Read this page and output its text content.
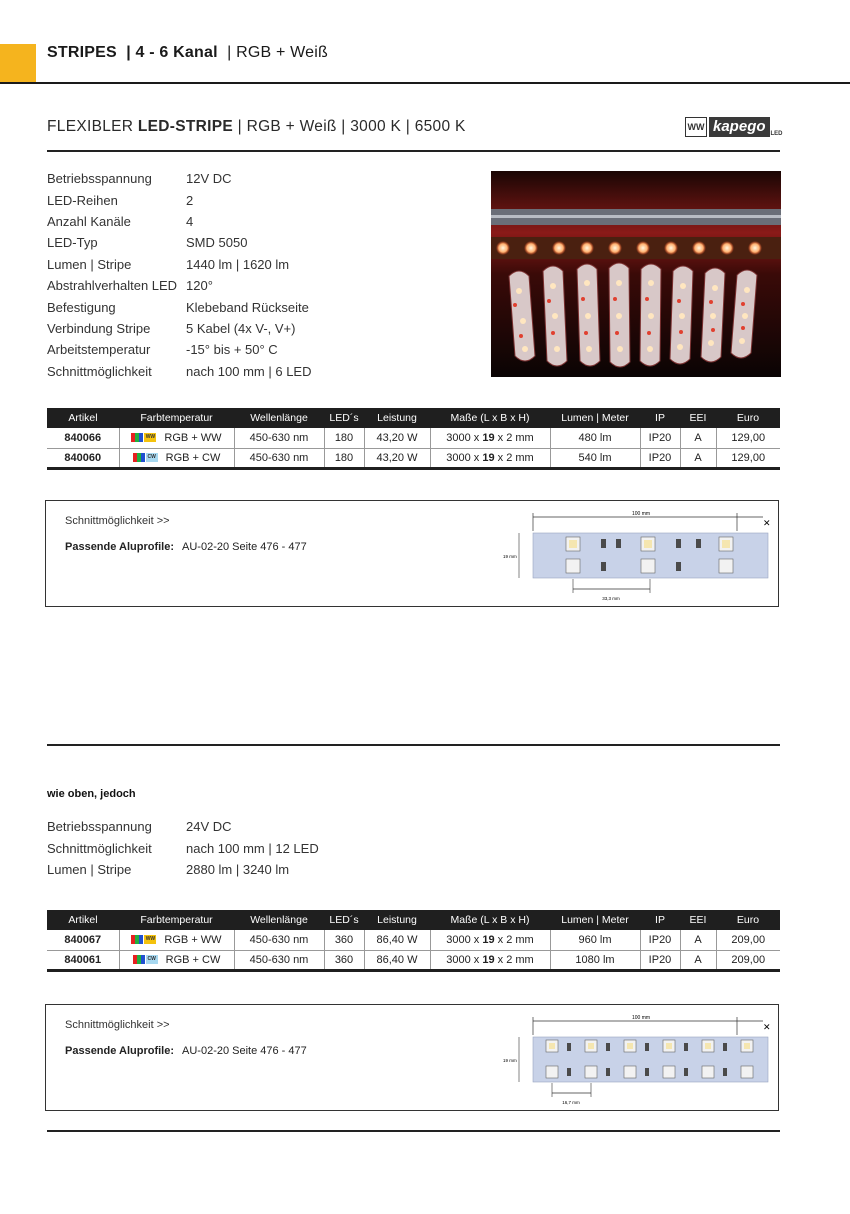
STRIPES | 4 - 6 Kanal | RGB + Weiß
FLEXIBLER LED-STRIPE | RGB + Weiß | 3000 K | 6500 K	WW kapego LED
Betriebsspannung	12V DC
LED-Reihen	2
Anzahl Kanäle	4
LED-Typ	SMD 5050
Lumen | Stripe	1440 lm | 1620 lm
Abstrahlverhalten LED 120°
Befestigung	Klebeband Rückseite
Verbindung Stripe	5 Kabel (4x V-, V+)
Arbeitstemperatur	-15° bis + 50° C
Schnittmöglichkeit	nach 100 mm | 6 LED
Artikel	Farbtemperatur	Wellenlänge	LED´s	Leistung	Maße (L x B x H)	Lumen | Meter	IP	EEI	Euro
840066	WW RGB + WW	450-630 nm	180	43,20 W	3000 x 19 x 2 mm	480 lm	IP20	A	129,00
840060	CW RGB + CW	450-630 nm	180	43,20 W	3000 x 19 x 2 mm	540 lm	IP20	A	129,00
Schnittmöglichkeit >>
Passende Aluprofile: AU-02-20 Seite 476 - 477
100 mm
✕
19 mm
33,3 mm
wie oben, jedoch
Betriebsspannung	24V DC
Schnittmöglichkeit	nach 100 mm | 12 LED
Lumen | Stripe	2880 lm | 3240 lm
Artikel	Farbtemperatur	Wellenlänge	LED´s	Leistung	Maße (L x B x H)	Lumen | Meter	IP	EEI	Euro
840067	WW RGB + WW	450-630 nm	360	86,40 W	3000 x 19 x 2 mm	960 lm	IP20	A	209,00
840061	CW RGB + CW	450-630 nm	360	86,40 W	3000 x 19 x 2 mm	1080 lm	IP20	A	209,00
Schnittmöglichkeit >>
Passende Aluprofile: AU-02-20 Seite 476 - 477
100 mm
✕
19 mm
16,7 mm
